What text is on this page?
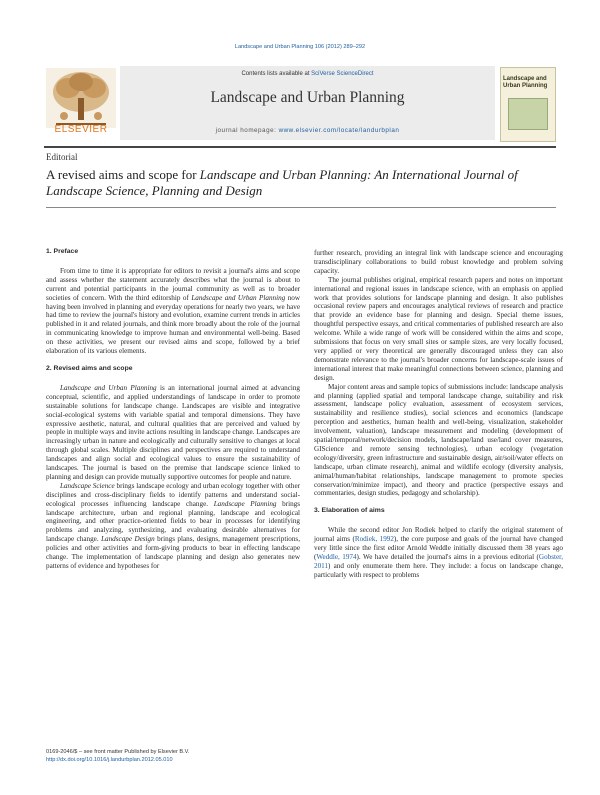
Landscape and Urban Planning 106 (2012) 289–292
Contents lists available at SciVerse ScienceDirect
Landscape and Urban Planning
journal homepage: www.elsevier.com/locate/landurbplan
ELSEVIER
Landscape and Urban Planning
Editorial
A revised aims and scope for Landscape and Urban Planning: An International Journal of Landscape Science, Planning and Design
1. Preface

From time to time it is appropriate for editors to revisit a journal's aims and scope and assess whether the statement accurately describes what the journal is about to current and potential participants in the journal community as well as to broader societies of concern. With the third editorship of Landscape and Urban Planning now having been involved in planning and everyday operations for nearly two years, we have had time to review the journal's history and evolution, examine current trends in articles published in it and related journals, and think more broadly about the role of the journal in communicating knowledge to improve human and environmental well-being. Based on these activities, we present our revised aims and scope, followed by a brief elaboration of its various elements.

2. Revised aims and scope

Landscape and Urban Planning is an international journal aimed at advancing conceptual, scientific, and applied understandings of landscape in order to promote sustainable solutions for landscape change. Landscapes are visible and integrative social-ecological systems with variable spatial and temporal dimensions. They have expressive aesthetic, natural, and cultural qualities that are perceived and valued by people in multiple ways and invite actions resulting in landscape change. Landscapes are increasingly urban in nature and ecologically and culturally sensitive to changes at local through global scales. Multiple disciplines and perspectives are required to understand landscapes and align social and ecological values to ensure the sustainability of landscapes. The journal is based on the premise that landscape science linked to planning and design can provide mutually supportive outcomes for people and nature.

Landscape Science brings landscape ecology and urban ecology together with other disciplines and cross-disciplinary fields to identify patterns and understand social-ecological processes influencing landscape change. Landscape Planning brings landscape architecture, urban and regional planning, landscape and ecological engineering, and other practice-oriented fields to bear in processes for identifying problems and analyzing, synthesizing, and evaluating desirable alternatives for landscape change. Landscape Design brings plans, designs, management prescriptions, policies and other activities and form-giving products to bear in effecting landscape change. The implementation of landscape planning and design also generates new patterns of evidence and hypotheses for

further research, providing an integral link with landscape science and encouraging transdisciplinary collaborations to build robust knowledge and problem solving capacity.

The journal publishes original, empirical research papers and notes on important international and regional issues in landscape science, with an emphasis on applied work that provides solutions for landscape planning and design. It also publishes occasional review papers and encourages analytical reviews of research and practice that provide an evidence base for planning and design. Special theme issues, thoughtful perspective essays, and critical commentaries of published research are also welcome. While a wide range of work will be considered within the aims and scope, submissions that focus on very small sites or sample sizes, are very locally focused, very applied or very theoretical are generally discouraged unless they can also demonstrate relevance to the journal's broader concerns for landscape-scale issues of international interest that make meaningful connections between science, planning and design.

Major content areas and sample topics of submissions include: landscape analysis and planning (applied spatial and temporal landscape change, suitability and risk assessment, landscape policy evaluation, assessment of ecosystem services, sustainability and resilience studies), social sciences and economics (landscape perception and aesthetics, human health and well-being, visualization, stakeholder involvement, valuation), landscape measurement and modeling (development of spatial/temporal/network/decision models, landscape/land use/land cover measures, GIScience and remote sensing technologies), urban ecology (vegetation ecology/diversity, green infrastructure and sustainable design, air/soil/water effects on landscape, urban climate research), animal and wildlife ecology (diversity analysis, animal/human/habitat relationships, landscape management to promote species conservation/minimize impact), and theory and practice (perspective essays and commentaries, design studies, pedagogy and scholarship).

3. Elaboration of aims

While the second editor Jon Rodiek helped to clarify the original statement of journal aims (Rodiek, 1992), the core purpose and goals of the journal have changed very little since the first editor Arnold Weddle initially discussed them 38 years ago (Weddle, 1974). We have detailed the journal's aims in a previous editorial (Gobster, 2011) and only enumerate them here. They include: a focus on landscape change, particularly with respect to problems

0169-2046/$ – see front matter Published by Elsevier B.V.
http://dx.doi.org/10.1016/j.landurbplan.2012.05.010
